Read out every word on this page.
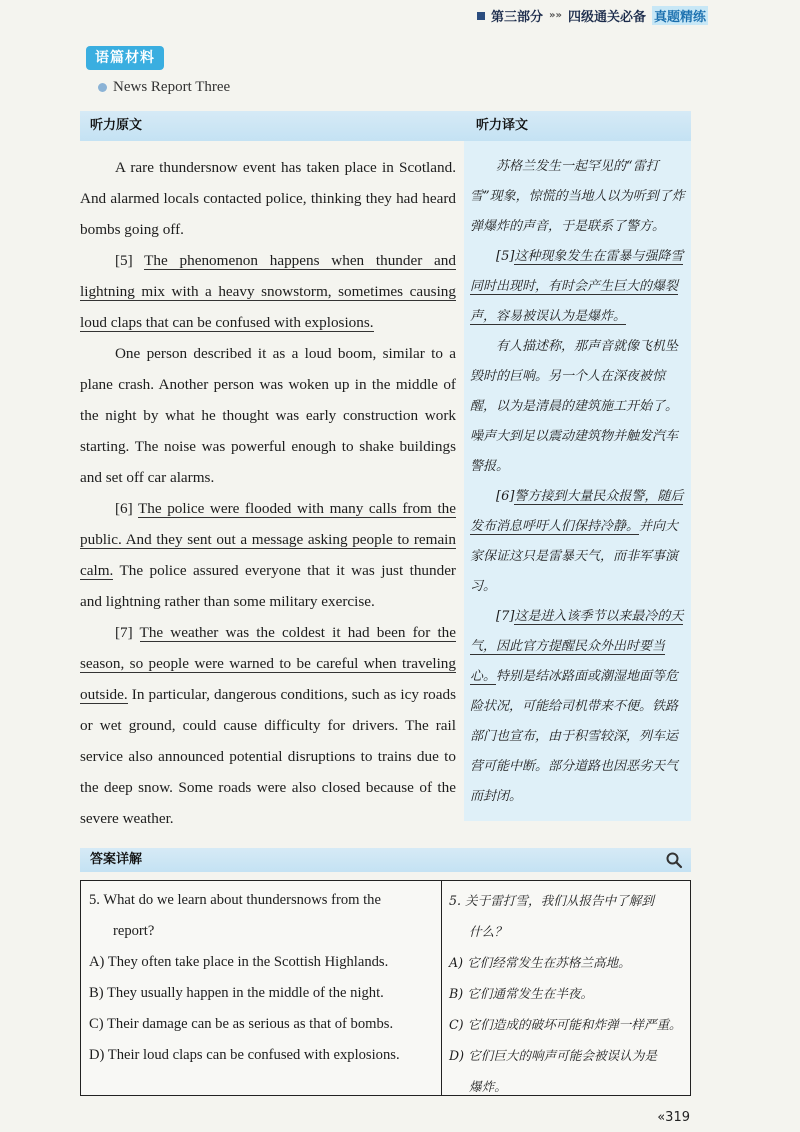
第三部分 »» 四级通关必备 真题精练
语篇材料
News Report Three
听力原文	听力译文

A rare thundersnow event has taken place in Scotland. And alarmed locals contacted police, thinking they had heard bombs going off.

[5] The phenomenon happens when thunder and lightning mix with a heavy snowstorm, sometimes causing loud claps that can be confused with explosions.

One person described it as a loud boom, similar to a plane crash. Another person was woken up in the middle of the night by what he thought was early construction work starting. The noise was powerful enough to shake buildings and set off car alarms.

[6] The police were flooded with many calls from the public. And they sent out a message asking people to remain calm. The police assured everyone that it was just thunder and lightning rather than some military exercise.

[7] The weather was the coldest it had been for the season, so people were warned to be careful when traveling outside. In particular, dangerous conditions, such as icy roads or wet ground, could cause difficulty for drivers. The rail service also announced potential disruptions to trains due to the deep snow. Some roads were also closed because of the severe weather.

苏格兰发生一起罕见的“雷打雪”现象，惊慌的当地人以为听到了炸弹爆炸的声音，于是联系了警方。

[5]这种现象发生在雷暴与强降雪同时出现时，有时会产生巨大的爆裂声，容易被误认为是爆炸。

有人描述称，那声音就像飞机坠毁时的巨响。另一个人在深夜被惊醒，以为是清晨的建筑施工开始了。噪声大到足以震动建筑物并触发汽车警报。

[6]警方接到大量民众报警，随后发布消息呼吁人们保持冷静。并向大家保证这只是雷暴天气，而非军事演习。

[7]这是进入该季节以来最冷的天气，因此官方提醒民众外出时要当心。特别是结冰路面或潮湿地面等危险状况，可能给司机带来不便。铁路部门也宣布，由于积雪较深，列车运营可能中断。部分道路也因恶劣天气而封闭。

答案详解
5. What do we learn about thundersnows from the
report?
A) They often take place in the Scottish Highlands.
B) They usually happen in the middle of the night.
C) Their damage can be as serious as that of bombs.
D) Their loud claps can be confused with explosions.
5. 关于雷打雪，我们从报告中了解到
什么？
A) 它们经常发生在苏格兰高地。
B) 它们通常发生在半夜。
C) 它们造成的破坏可能和炸弹一样严重。
D) 它们巨大的响声可能会被误认为是
爆炸。
«319
